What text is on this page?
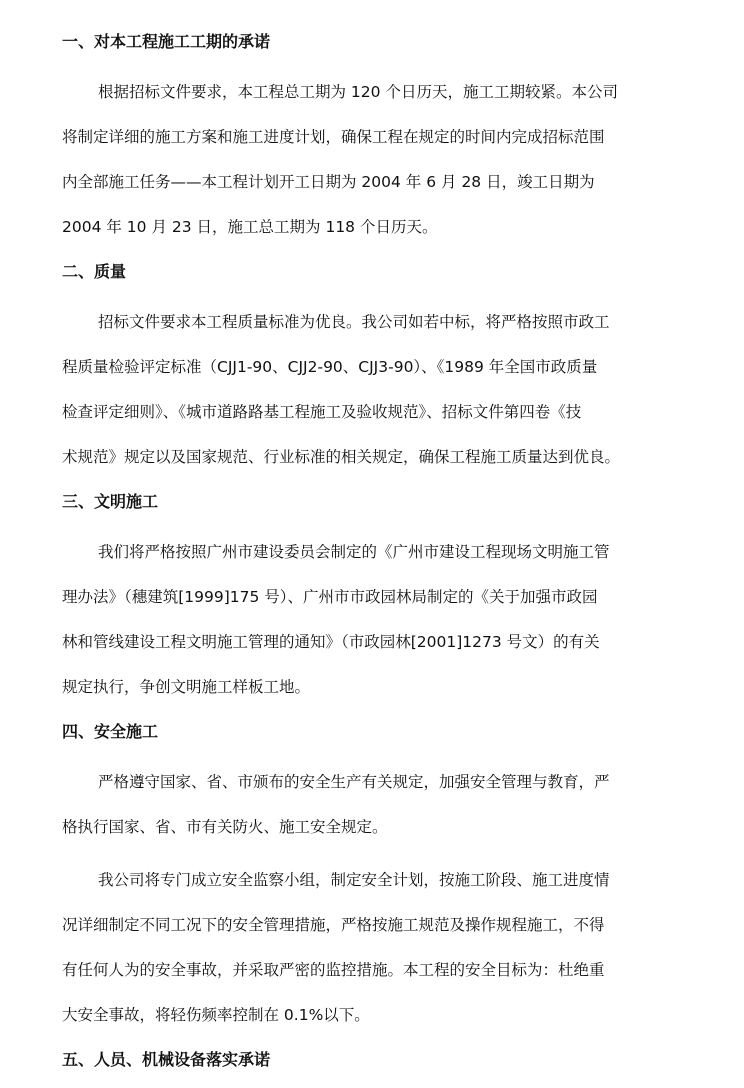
一、对本工程施工工期的承诺
根据招标文件要求，本工程总工期为 120 个日历天，施工工期较紧。本公司
将制定详细的施工方案和施工进度计划，确保工程在规定的时间内完成招标范围
内全部施工任务——本工程计划开工日期为 2004 年 6 月 28 日，竣工日期为
2004 年 10 月 23 日，施工总工期为 118 个日历天。
二、质量
招标文件要求本工程质量标准为优良。我公司如若中标，将严格按照市政工
程质量检验评定标准（CJJ1-90、CJJ2-90、CJJ3-90）、《1989 年全国市政质量
检查评定细则》、《城市道路路基工程施工及验收规范》、招标文件第四卷《技
术规范》规定以及国家规范、行业标准的相关规定，确保工程施工质量达到优良。
三、文明施工
我们将严格按照广州市建设委员会制定的《广州市建设工程现场文明施工管
理办法》（穗建筑[1999]175 号）、广州市市政园林局制定的《关于加强市政园
林和管线建设工程文明施工管理的通知》（市政园林[2001]1273 号文）的有关
规定执行，争创文明施工样板工地。
四、安全施工
严格遵守国家、省、市颁布的安全生产有关规定，加强安全管理与教育，严
格执行国家、省、市有关防火、施工安全规定。
我公司将专门成立安全监察小组，制定安全计划，按施工阶段、施工进度情
况详细制定不同工况下的安全管理措施，严格按施工规范及操作规程施工，不得
有任何人为的安全事故，并采取严密的监控措施。本工程的安全目标为：杜绝重
大安全事故，将轻伤频率控制在 0.1%以下。
五、人员、机械设备落实承诺
